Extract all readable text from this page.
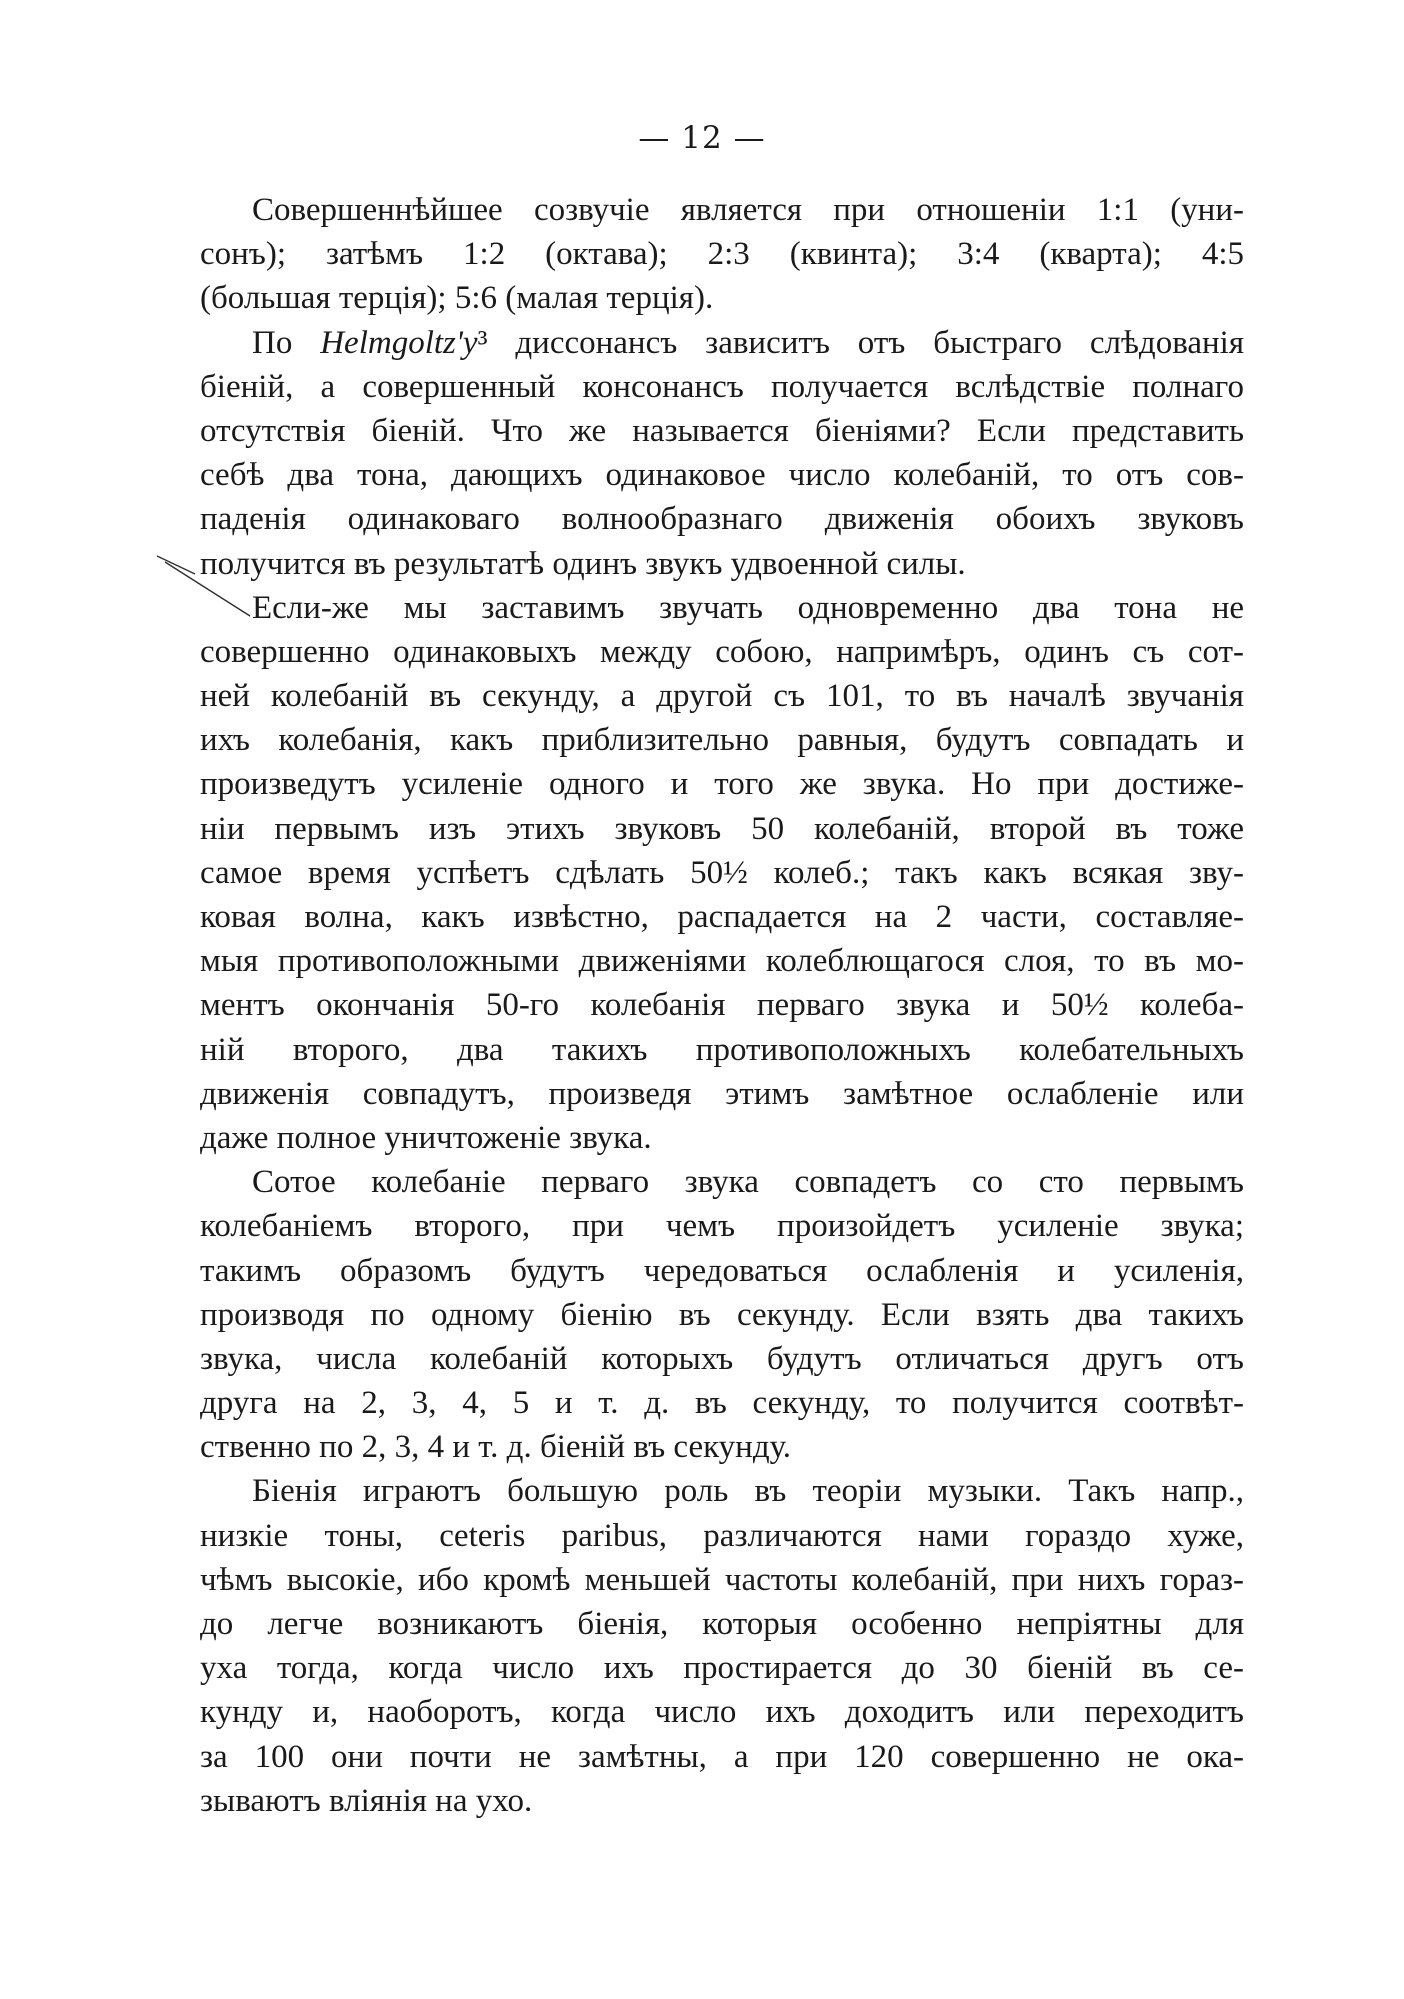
— 12 —
Совершеннѣйшее созвучіе является при отношеніи 1:1 (уни-
сонъ); затѣмъ 1:2 (октава); 2:3 (квинта); 3:4 (кварта); 4:5
(большая терція); 5:6 (малая терція).
По Helmgoltz'y³ диссонансъ зависитъ отъ быстраго слѣдованія
біеній, а совершенный консонансъ получается вслѣдствіе полнаго
отсутствія біеній. Что же называется біеніями? Если представить
себѣ два тона, дающихъ одинаковое число колебаній, то отъ сов-
паденія одинаковаго волнообразнаго движенія обоихъ звуковъ
получится въ результатѣ одинъ звукъ удвоенной силы.
Если-же мы заставимъ звучать одновременно два тона не
совершенно одинаковыхъ между собою, напримѣръ, одинъ съ сот-
ней колебаній въ секунду, а другой съ 101, то въ началѣ звучанія
ихъ колебанія, какъ приблизительно равныя, будутъ совпадать и
произведутъ усиленіе одного и того же звука. Но при достиже-
ніи первымъ изъ этихъ звуковъ 50 колебаній, второй въ тоже
самое время успѣетъ сдѣлать 50½ колеб.; такъ какъ всякая зву-
ковая волна, какъ извѣстно, распадается на 2 части, составляе-
мыя противоположными движеніями колеблющагося слоя, то въ мо-
ментъ окончанія 50-го колебанія перваго звука и 50½ колеба-
ній второго, два такихъ противоположныхъ колебательныхъ
движенія совпадутъ, произведя этимъ замѣтное ослабленіе или
даже полное уничтоженіе звука.
Сотое колебаніе перваго звука совпадетъ со сто первымъ
колебаніемъ второго, при чемъ произойдетъ усиленіе звука;
такимъ образомъ будутъ чередоваться ослабленія и усиленія,
производя по одному біенію въ секунду. Если взять два такихъ
звука, числа колебаній которыхъ будутъ отличаться другъ отъ
друга на 2, 3, 4, 5 и т. д. въ секунду, то получится соотвѣт-
ственно по 2, 3, 4 и т. д. біеній въ секунду.
Біенія играютъ большую роль въ теоріи музыки. Такъ напр.,
низкіе тоны, ceteris paribus, различаются нами гораздо хуже,
чѣмъ высокіе, ибо кромѣ меньшей частоты колебаній, при нихъ гораз-
до легче возникаютъ біенія, которыя особенно непріятны для
уха тогда, когда число ихъ простирается до 30 біеній въ се-
кунду и, наоборотъ, когда число ихъ доходитъ или переходитъ
за 100 они почти не замѣтны, а при 120 совершенно не ока-
зываютъ вліянія на ухо.
